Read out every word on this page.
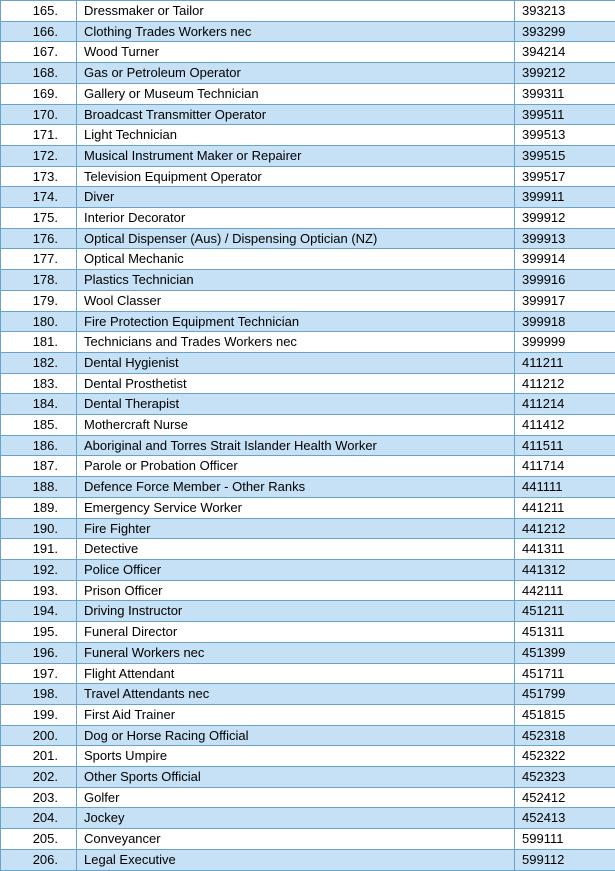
165.	Dressmaker or Tailor	393213
166.	Clothing Trades Workers nec	393299
167.	Wood Turner	394214
168.	Gas or Petroleum Operator	399212
169.	Gallery or Museum Technician	399311
170.	Broadcast Transmitter Operator	399511
171.	Light Technician	399513
172.	Musical Instrument Maker or Repairer	399515
173.	Television Equipment Operator	399517
174.	Diver	399911
175.	Interior Decorator	399912
176.	Optical Dispenser (Aus) / Dispensing Optician (NZ)	399913
177.	Optical Mechanic	399914
178.	Plastics Technician	399916
179.	Wool Classer	399917
180.	Fire Protection Equipment Technician	399918
181.	Technicians and Trades Workers nec	399999
182.	Dental Hygienist	411211
183.	Dental Prosthetist	411212
184.	Dental Therapist	411214
185.	Mothercraft Nurse	411412
186.	Aboriginal and Torres Strait Islander Health Worker	411511
187.	Parole or Probation Officer	411714
188.	Defence Force Member - Other Ranks	441111
189.	Emergency Service Worker	441211
190.	Fire Fighter	441212
191.	Detective	441311
192.	Police Officer	441312
193.	Prison Officer	442111
194.	Driving Instructor	451211
195.	Funeral Director	451311
196.	Funeral Workers nec	451399
197.	Flight Attendant	451711
198.	Travel Attendants nec	451799
199.	First Aid Trainer	451815
200.	Dog or Horse Racing Official	452318
201.	Sports Umpire	452322
202.	Other Sports Official	452323
203.	Golfer	452412
204.	Jockey	452413
205.	Conveyancer	599111
206.	Legal Executive	599112
